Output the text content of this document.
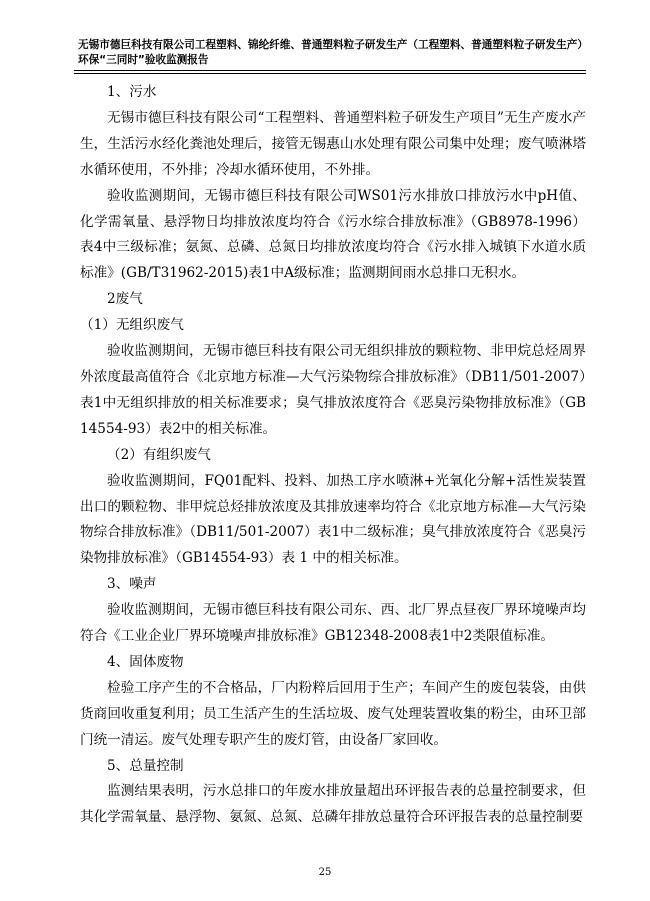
无锡市德巨科技有限公司工程塑料、锦纶纤维、普通塑料粒子研发生产（工程塑料、普通塑料粒子研发生产）环保“三同时”验收监测报告

1、污水

无锡市德巨科技有限公司“工程塑料、普通塑料粒子研发生产项目”无生产废水产生，生活污水经化粪池处理后，接管无锡惠山水处理有限公司集中处理；废气喷淋塔水循环使用，不外排；冷却水循环使用，不外排。

验收监测期间，无锡市德巨科技有限公司WS01污水排放口排放污水中pH值、化学需氧量、悬浮物日均排放浓度均符合《污水综合排放标准》（GB8978-1996）表4中三级标准；氨氮、总磷、总氮日均排放浓度均符合《污水排入城镇下水道水质标准》(GB/T31962-2015)表1中A级标准；监测期间雨水总排口无积水。

2废气

（1）无组织废气

验收监测期间，无锡市德巨科技有限公司无组织排放的颗粒物、非甲烷总烃周界外浓度最高值符合《北京地方标准—大气污染物综合排放标准》（DB11/501-2007）表1中无组织排放的相关标准要求；臭气排放浓度符合《恶臭污染物排放标准》（GB14554-93）表2中的相关标准。

（2）有组织废气

验收监测期间，FQ01配料、投料、加热工序水喷淋+光氧化分解+活性炭装置出口的颗粒物、非甲烷总烃排放浓度及其排放速率均符合《北京地方标准—大气污染物综合排放标准》（DB11/501-2007）表1中二级标准；臭气排放浓度符合《恶臭污染物排放标准》（GB14554-93）表 1 中的相关标准。

3、噪声

验收监测期间，无锡市德巨科技有限公司东、西、北厂界点昼夜厂界环境噪声均符合《工业企业厂界环境噪声排放标准》GB12348-2008表1中2类限值标准。

4、固体废物

检验工序产生的不合格品，厂内粉粹后回用于生产；车间产生的废包装袋，由供货商回收重复利用；员工生活产生的生活垃圾、废气处理装置收集的粉尘，由环卫部门统一清运。废气处理专职产生的废灯管，由设备厂家回收。

5、总量控制

监测结果表明，污水总排口的年废水排放量超出环评报告表的总量控制要求，但其化学需氧量、悬浮物、氨氮、总氮、总磷年排放总量符合环评报告表的总量控制要

25
